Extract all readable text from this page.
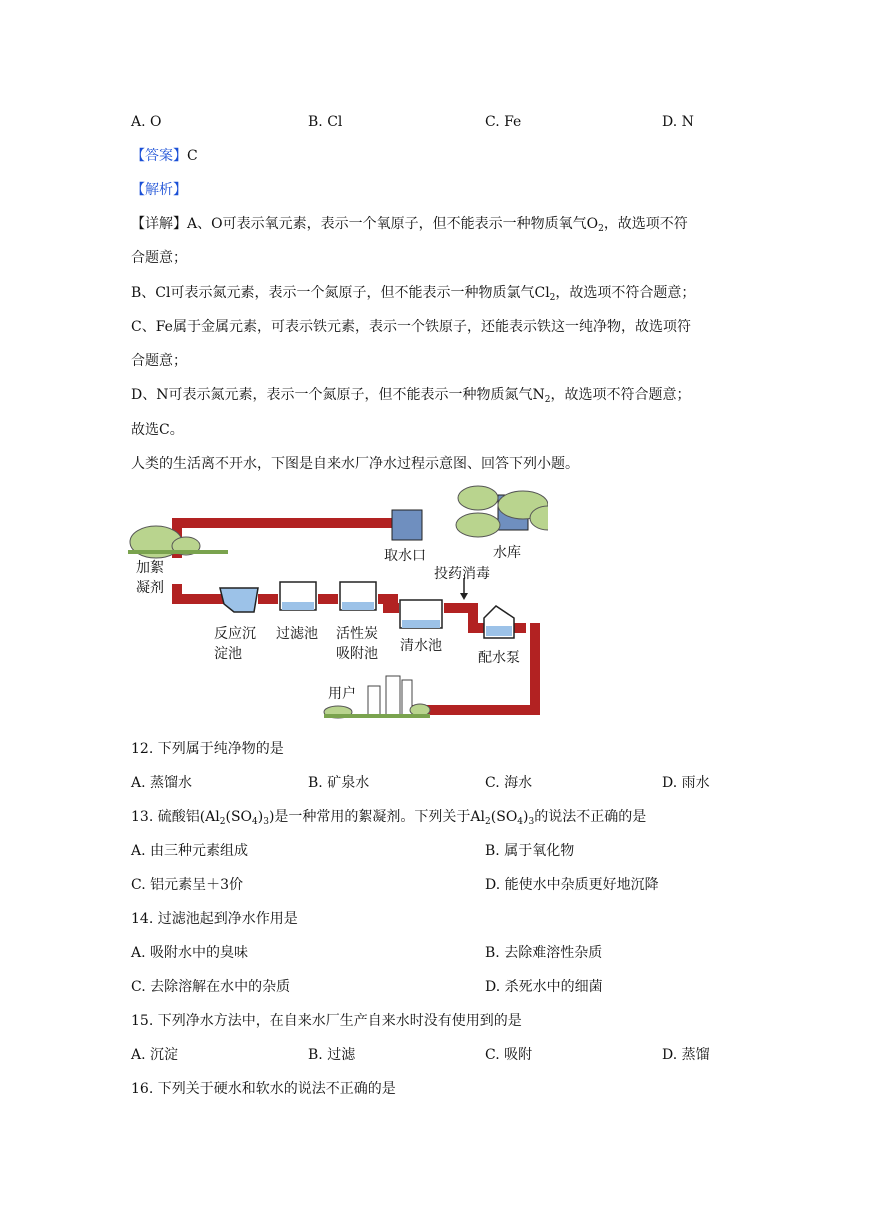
A. O	B. Cl	C. Fe	D. N
【答案】C
【解析】
【详解】A、O可表示氧元素，表示一个氧原子，但不能表示一种物质氧气$O_2$，故选项不符
合题意；
B、Cl可表示氮元素，表示一个氮原子，但不能表示一种物质氯气$Cl_2$，故选项不符合题意；
C、Fe属于金属元素，可表示铁元素，表示一个铁原子，还能表示铁这一纯净物，故选项符
合题意；
D、N可表示氮元素，表示一个氮原子，但不能表示一种物质氮气$N_2$，故选项不符合题意；
故选C。
人类的生活离不开水，下图是自来水厂净水过程示意图、回答下列小题。
取水口	水库
加絮
凝剂
投药消毒
反应沉
淀池
过滤池 活性炭
吸附池 清水池
配水泵
用户
12. 下列属于纯净物的是
A. 蒸馏水	B. 矿泉水	C. 海水	D. 雨水
13. 硫酸铝$(Al_2(SO_4)_3)$是一种常用的絮凝剂。下列关于$Al_2(SO_4)_3$的说法不正确的是
A. 由三种元素组成	B. 属于氧化物
C. 铝元素呈＋3价	D. 能使水中杂质更好地沉降
14. 过滤池起到净水作用是
A. 吸附水中的臭味	B. 去除难溶性杂质
C. 去除溶解在水中的杂质	D. 杀死水中的细菌
15. 下列净水方法中，在自来水厂生产自来水时没有使用到的是
A. 沉淀	B. 过滤	C. 吸附	D. 蒸馏
16. 下列关于硬水和软水的说法不正确的是
